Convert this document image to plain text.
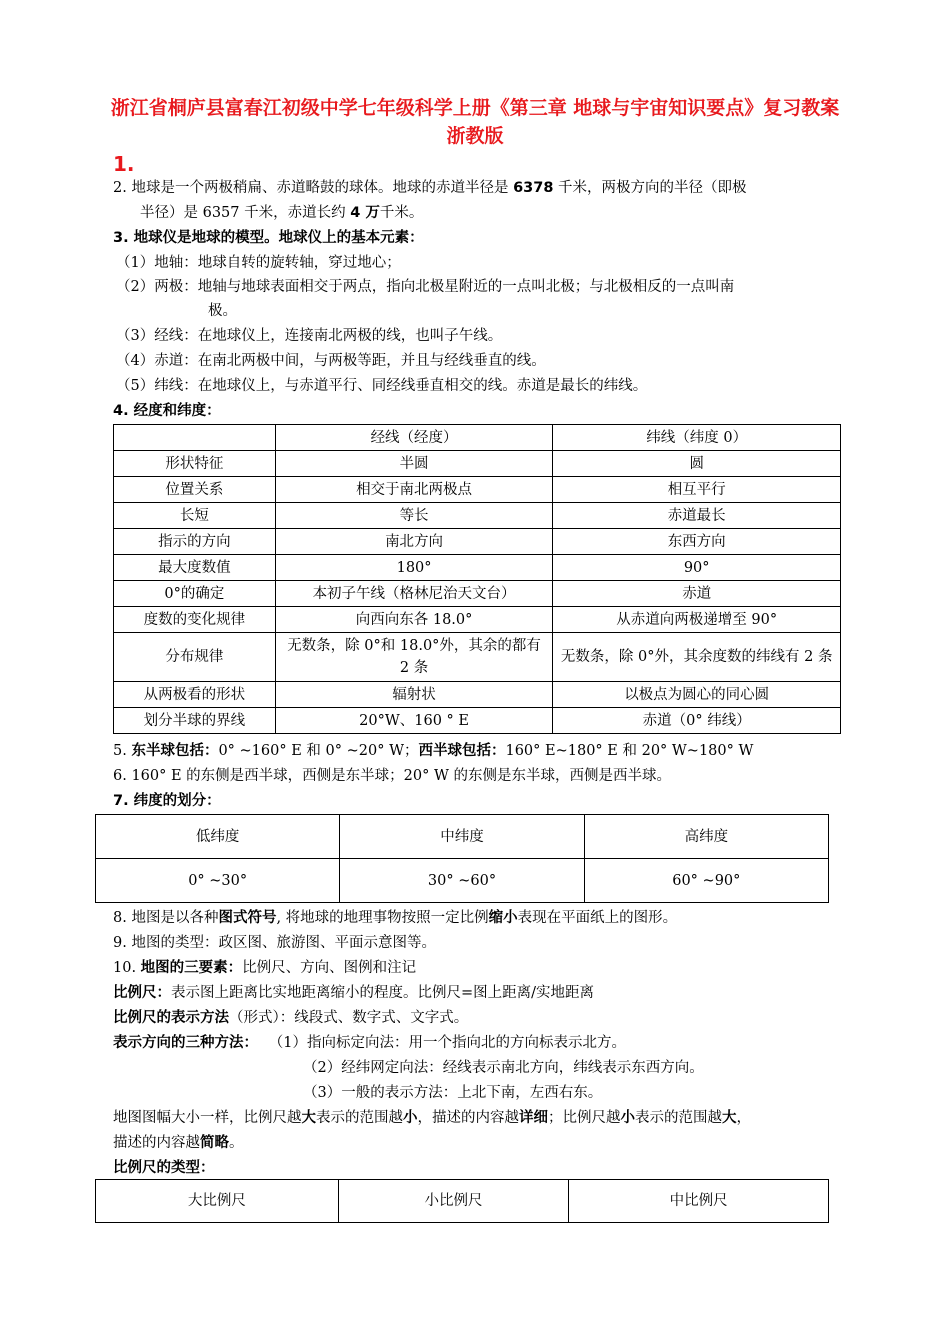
浙江省桐庐县富春江初级中学七年级科学上册《第三章 地球与宇宙知识要点》复习教案 浙教版
1.
2. 地球是一个两极稍扁、赤道略鼓的球体。地球的赤道半径是 6378 千米，两极方向的半径（即极
半径）是 6357 千米，赤道长约 4 万千米。
3. 地球仪是地球的模型。地球仪上的基本元素：
（1）地轴：地球自转的旋转轴，穿过地心；
（2）两极：地轴与地球表面相交于两点，指向北极星附近的一点叫北极；与北极相反的一点叫南
极。
（3）经线：在地球仪上，连接南北两极的线，也叫子午线。
（4）赤道：在南北两极中间，与两极等距，并且与经线垂直的线。
（5）纬线：在地球仪上，与赤道平行、同经线垂直相交的线。赤道是最长的纬线。
4. 经度和纬度：
	经线（经度）	纬线（纬度 0）
形状特征	半圆	圆
位置关系	相交于南北两极点	相互平行
长短	等长	赤道最长
指示的方向	南北方向	东西方向
最大度数值	180°	90°
0°的确定	本初子午线（格林尼治天文台）	赤道
度数的变化规律	向西向东各 18.0°	从赤道向两极递增至 90°
分布规律	无数条，除 0°和 18.0°外，其余的都有 2 条	无数条，除 0°外，其余度数的纬线有 2 条
从两极看的形状	辐射状	以极点为圆心的同心圆
划分半球的界线	20°W、160 ° E	赤道（0° 纬线）
5. 东半球包括：0° ~160° E 和 0° ~20° W；西半球包括：160° E~180° E 和 20° W~180° W
6. 160° E 的东侧是西半球，西侧是东半球；20° W 的东侧是东半球，西侧是西半球。
7. 纬度的划分：
低纬度	中纬度	高纬度
0° ~30°	30° ~60°	60° ~90°
8. 地图是以各种图式符号, 将地球的地理事物按照一定比例缩小表现在平面纸上的图形。
9. 地图的类型：政区图、旅游图、平面示意图等。
10. 地图的三要素：比例尺、方向、图例和注记
比例尺：表示图上距离比实地距离缩小的程度。比例尺=图上距离/实地距离
比例尺的表示方法（形式）：线段式、数字式、文字式。
表示方向的三种方法： （1）指向标定向法：用一个指向北的方向标表示北方。
（2）经纬网定向法：经线表示南北方向，纬线表示东西方向。
（3）一般的表示方法：上北下南，左西右东。
地图图幅大小一样，比例尺越大表示的范围越小，描述的内容越详细；比例尺越小表示的范围越大，
描述的内容越简略。
比例尺的类型：
大比例尺	小比例尺	中比例尺
